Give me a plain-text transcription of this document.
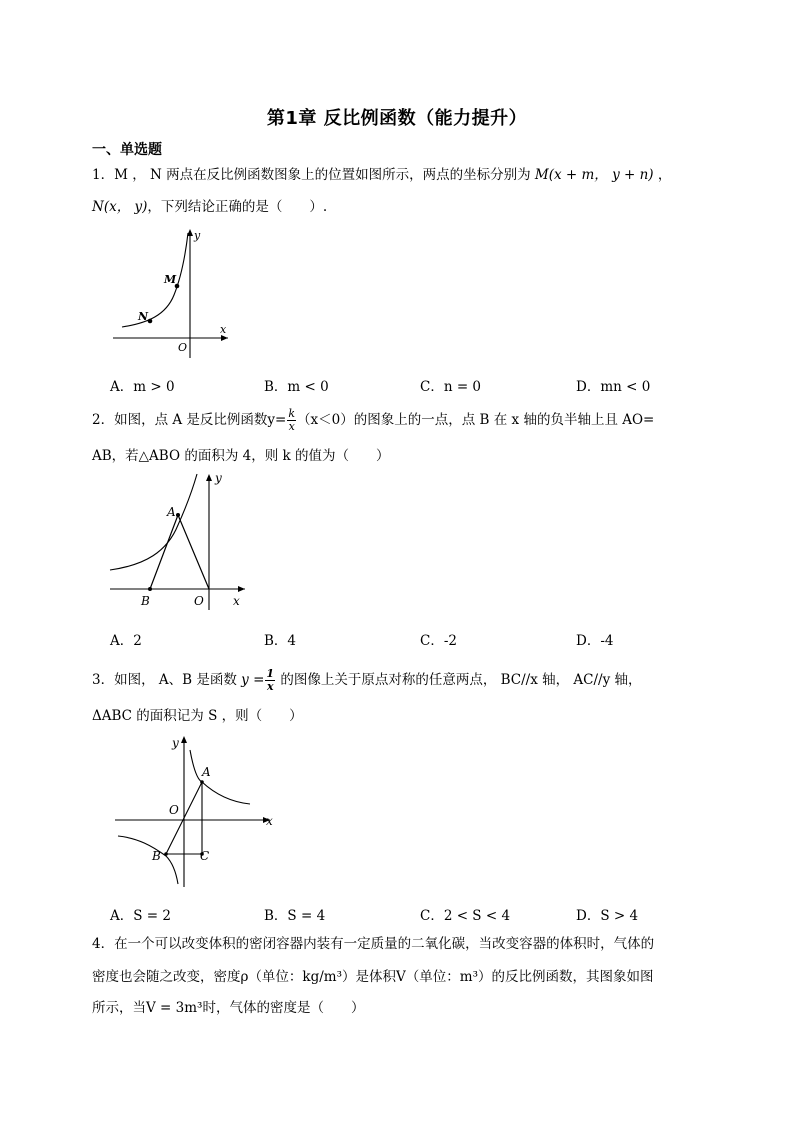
第1章 反比例函数（能力提升）
一、单选题
1．M ， N 两点在反比例函数图象上的位置如图所示，两点的坐标分别为 M(x + m， y + n) ，
N(x， y)，下列结论正确的是（　　）.
y
x
O
M
N
A．m > 0	B．m < 0	C．n = 0	D．mn < 0
2．如图，点 A 是反比例函数$y= \frac{k}{x} (x<0)$的图象上的一点，点 B 在 x 轴的负半轴上且 AO=
AB，若△ABO 的面积为 4，则 k 的值为（　　）
y
x
O
A
B
A．2	B．4	C．-2	D．-4
3．如图， A、B 是函数 $y = \frac{1}{x}$ 的图像上关于原点对称的任意两点， BC//x 轴， AC//y 轴，
ΔABC 的面积记为 S ，则（　　）
y
x
O
A
B	C
A．S = 2	B．S = 4	C．2 < S < 4	D．S > 4
4．在一个可以改变体积的密闭容器内装有一定质量的二氧化碳，当改变容器的体积时，气体的
密度也会随之改变，密度ρ（单位：kg/m³）是体积V（单位：m³）的反比例函数，其图象如图
所示，当V = 3m³时，气体的密度是（　　）
